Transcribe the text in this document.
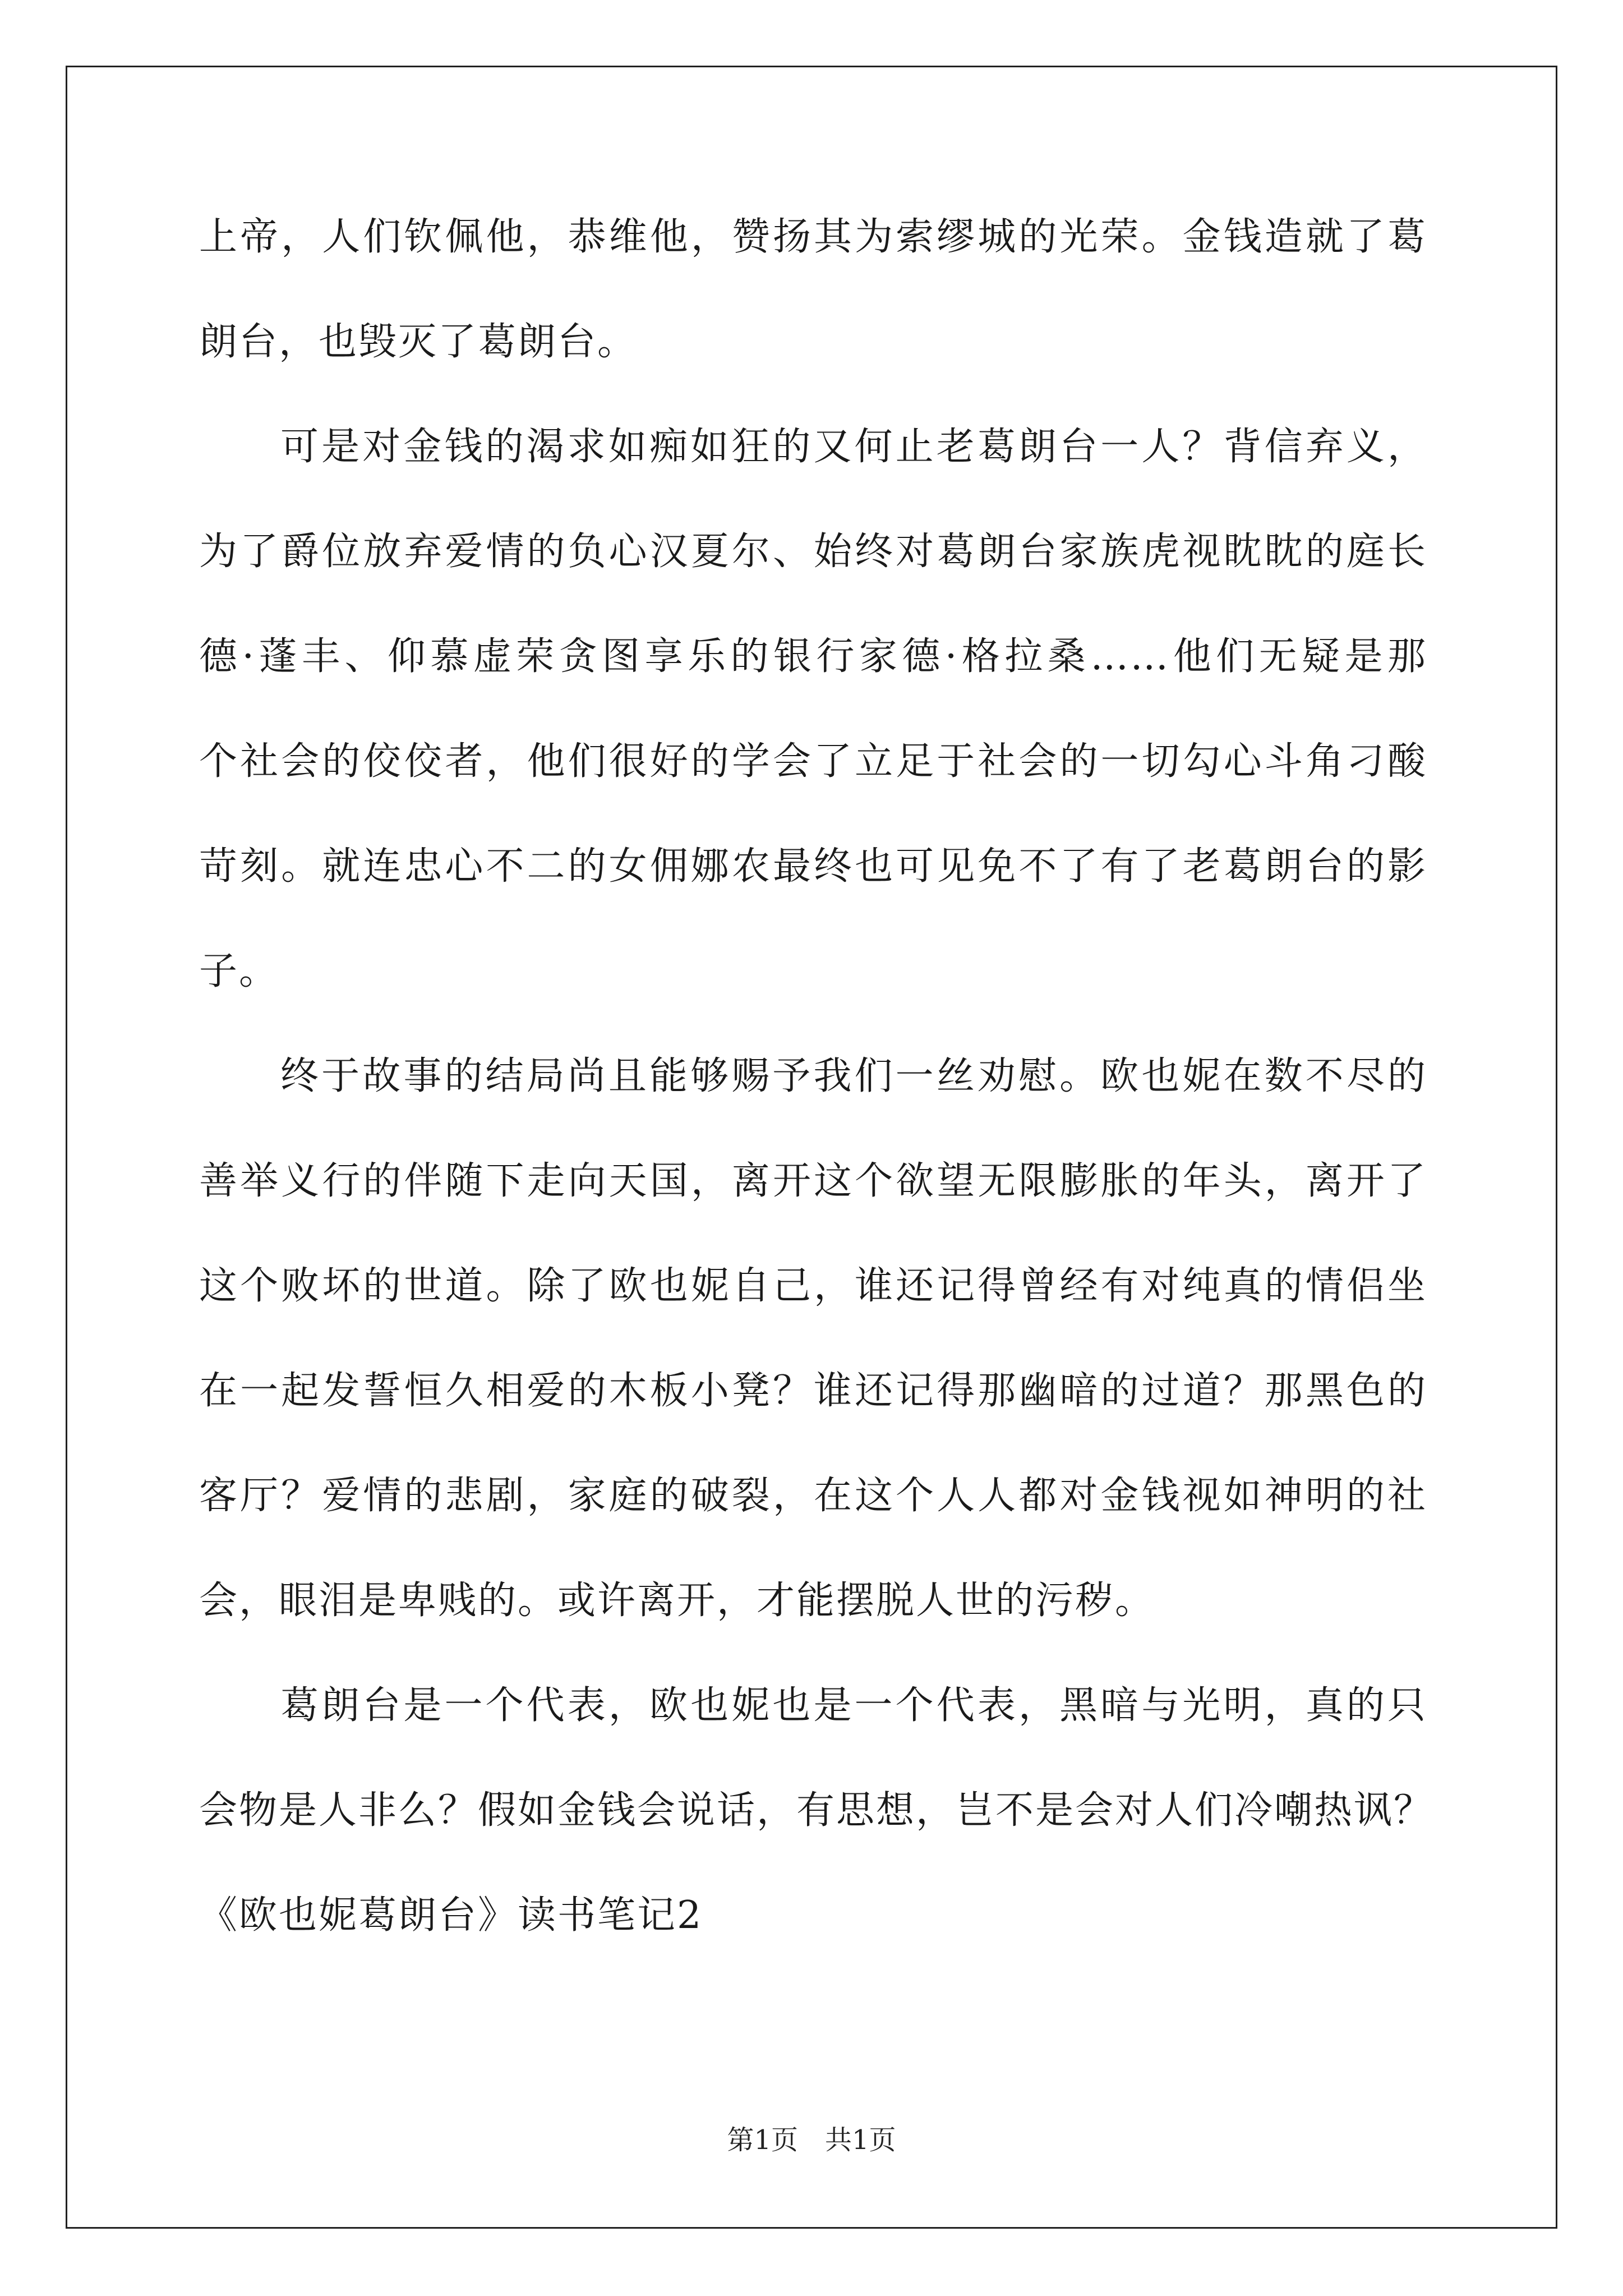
上帝，人们钦佩他，恭维他，赞扬其为索缪城的光荣。金钱造就了葛
朗台，也毁灭了葛朗台。
可是对金钱的渴求如痴如狂的又何止老葛朗台一人？背信弃义，
为了爵位放弃爱情的负心汉夏尔、始终对葛朗台家族虎视眈眈的庭长
德·蓬丰、仰慕虚荣贪图享乐的银行家德·格拉桑……他们无疑是那
个社会的佼佼者，他们很好的学会了立足于社会的一切勾心斗角刁酸
苛刻。就连忠心不二的女佣娜农最终也可见免不了有了老葛朗台的影
子。
终于故事的结局尚且能够赐予我们一丝劝慰。欧也妮在数不尽的
善举义行的伴随下走向天国，离开这个欲望无限膨胀的年头，离开了
这个败坏的世道。除了欧也妮自己，谁还记得曾经有对纯真的情侣坐
在一起发誓恒久相爱的木板小凳？谁还记得那幽暗的过道？那黑色的
客厅？爱情的悲剧，家庭的破裂，在这个人人都对金钱视如神明的社
会，眼泪是卑贱的。或许离开，才能摆脱人世的污秽。
葛朗台是一个代表，欧也妮也是一个代表，黑暗与光明，真的只
会物是人非么？假如金钱会说话，有思想，岂不是会对人们冷嘲热讽？
《欧也妮葛朗台》读书笔记2
第1页 共1页
